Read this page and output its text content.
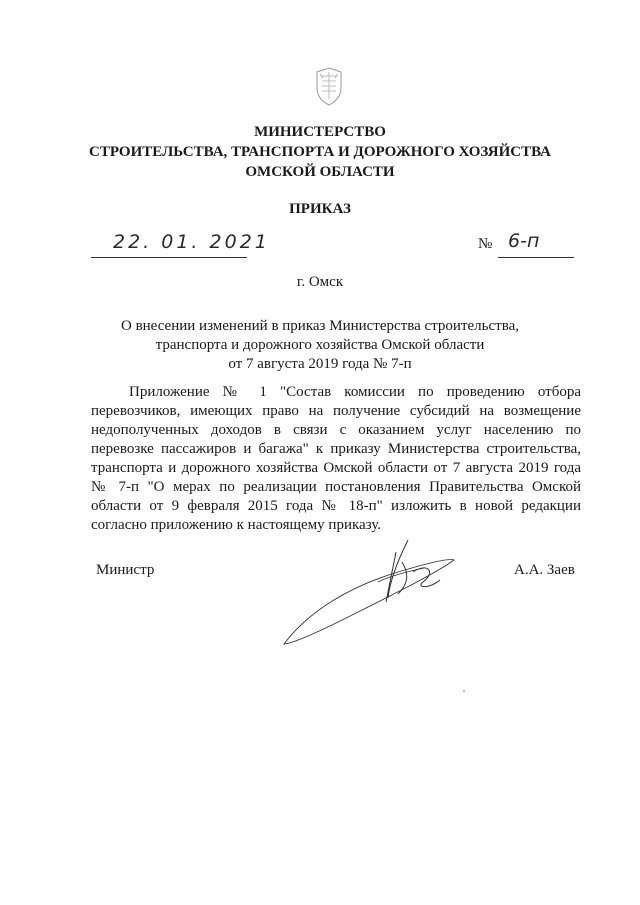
МИНИСТЕРСТВО
СТРОИТЕЛЬСТВА, ТРАНСПОРТА И ДОРОЖНОГО ХОЗЯЙСТВА
ОМСКОЙ ОБЛАСТИ
ПРИКАЗ
22. 01. 2021	№ 6-п
г. Омск
О внесении изменений в приказ Министерства строительства,
транспорта и дорожного хозяйства Омской области
от 7 августа 2019 года № 7-п
Приложение № 1 "Состав комиссии по проведению отбора
перевозчиков, имеющих право на получение субсидий на возмещение
недополученных доходов в связи с оказанием услуг населению по
перевозке пассажиров и багажа" к приказу Министерства строительства,
транспорта и дорожного хозяйства Омской области от 7 августа 2019 года
№ 7-п "О мерах по реализации постановления Правительства Омской
области от 9 февраля 2015 года № 18-п" изложить в новой редакции
согласно приложению к настоящему приказу.
Министр	А.А. Заев
